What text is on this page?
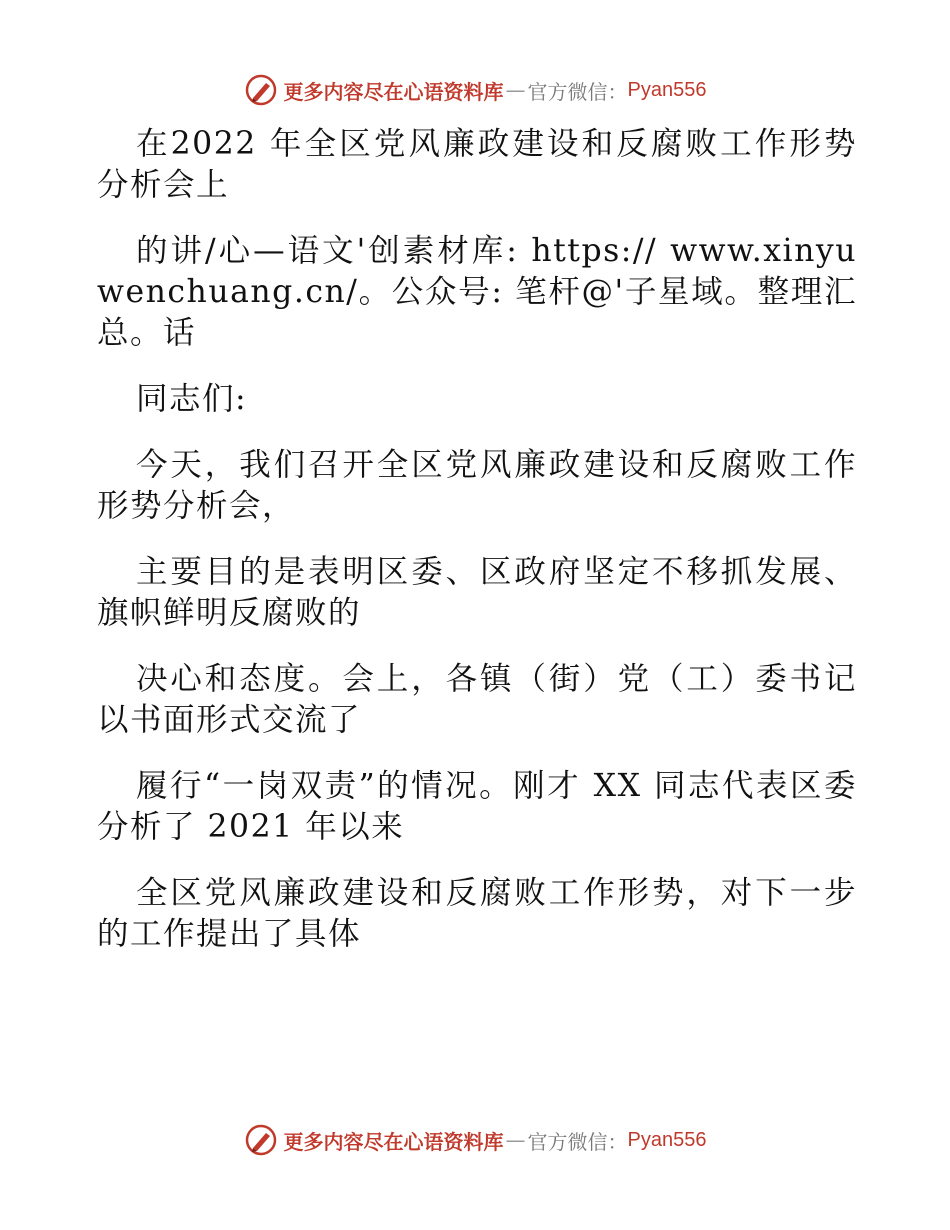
更多内容尽在心语资料库 — 官方微信： Pyan556

在2022 年全区党风廉政建设和反腐败工作形势分析会上

的讲/心—语文'创素材库: https:// www.xinyuwenchuang.cn/。公众号: 笔杆@'子星域。整理汇总。话

同志们:

今天，我们召开全区党风廉政建设和反腐败工作形势分析会，

主要目的是表明区委、区政府坚定不移抓发展、旗帜鲜明反腐败的

决心和态度。会上，各镇（街）党（工）委书记以书面形式交流了

履行“一岗双责”的情况。刚才 XX 同志代表区委分析了 2021 年以来

全区党风廉政建设和反腐败工作形势，对下一步的工作提出了具体

更多内容尽在心语资料库 — 官方微信： Pyan556
